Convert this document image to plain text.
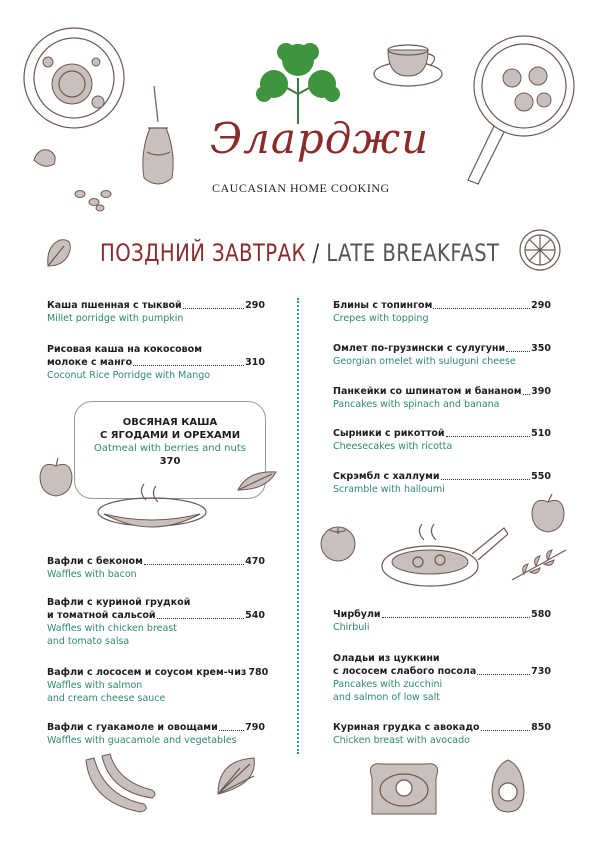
Эларджи
CAUCASIAN HOME COOKING
ПОЗДНИЙ ЗАВТРАК / LATE BREAKFAST
Каша пшенная с тыквой	290
Millet porridge with pumpkin
Рисовая каша на кокосовом
молоке с манго	310
Coconut Rice Porridge with Mango
ОВСЯНАЯ КАША
С ЯГОДАМИ И ОРЕХАМИ
Oatmeal with berries and nuts
370
Вафли с беконом	470
Waffles with bacon
Вафли с куриной грудкой
и томатной сальсой	540
Waffles with chicken breast
and tomato salsa
Вафли с лососем и соусом крем-чиз 780
Waffles with salmon
and cream cheese sauce
Вафли с гуакамоле и овощами	790
Waffles with guacamole and vegetables
Блины с топингом	290
Crepes with topping
Омлет по-грузински с сулугуни	350
Georgian omelet with suluguni cheese
Панкейки со шпинатом и бананом 390
Pancakes with spinach and banana
Сырники с рикоттой	510
Cheesecakes with ricotta
Скрэмбл с халлуми	550
Scramble with halloumi
Чирбули	580
Chirbuli
Оладьи из цуккини
с лососем слабого посола	730
Pancakes with zucchini
and salmon of low salt
Куриная грудка с авокадо	850
Chicken breast with avocado
